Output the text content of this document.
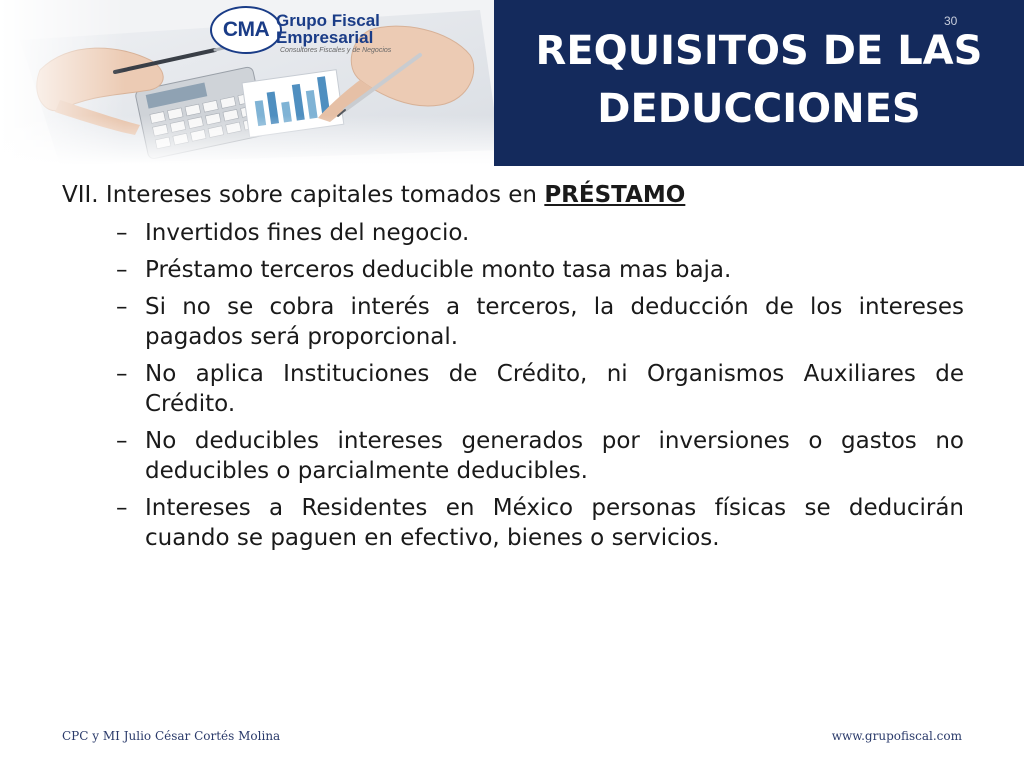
CMA Grupo Fiscal
Empresarial
Consultores Fiscales y de Negocios
30
REQUISITOS DE LAS
DEDUCCIONES
VII. Intereses sobre capitales tomados en PRÉSTAMO
– Invertidos fines del negocio.
– Préstamo terceros deducible monto tasa mas baja.
– Si no se cobra interés a terceros, la deducción de los intereses pagados será proporcional.
– No aplica Instituciones de Crédito, ni Organismos Auxiliares de Crédito.
– No deducibles intereses generados por inversiones o gastos no deducibles o parcialmente deducibles.
– Intereses a Residentes en México personas físicas se deducirán cuando se paguen en efectivo, bienes o servicios.
CPC y MI Julio César Cortés Molina	www.grupofiscal.com
